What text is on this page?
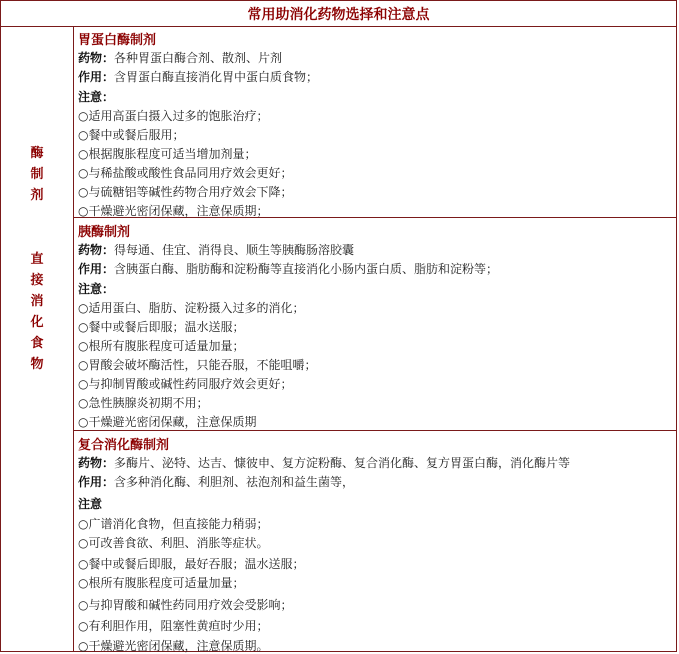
常用助消化药物选择和注意点
酶
制
剂
直
接
消
化
食
物
胃蛋白酶制剂
药物：各种胃蛋白酶合剂、散剂、片剂
作用：含胃蛋白酶直接消化胃中蛋白质食物；
注意：
○适用高蛋白摄入过多的饱胀治疗；
○餐中或餐后服用；
○根据腹胀程度可适当增加剂量；
○与稀盐酸或酸性食品同用疗效会更好；
○与硫糖铝等碱性药物合用疗效会下降；
○干燥避光密闭保藏，注意保质期；
胰酶制剂
药物：得每通、佳宜、消得良、顺生等胰酶肠溶胶囊
作用：含胰蛋白酶、脂肪酶和淀粉酶等直接消化小肠内蛋白质、脂肪和淀粉等；
注意：
○适用蛋白、脂肪、淀粉摄入过多的消化；
○餐中或餐后即服；温水送服；
○根所有腹胀程度可适量加量；
○胃酸会破坏酶活性，只能吞服，不能咀嚼；
○与抑制胃酸或碱性药同服疗效会更好；
○急性胰腺炎初期不用；
○干燥避光密闭保藏，注意保质期
复合消化酶制剂
药物：多酶片、泌特、达吉、慷彼申、复方淀粉酶、复合消化酶、复方胃蛋白酶，消化酶片等
作用：含多种消化酶、利胆剂、祛泡剂和益生菌等，
注意
○广谱消化食物，但直接能力稍弱；
○可改善食欲、利胆、消胀等症状。
○餐中或餐后即服，最好吞服；温水送服；
○根所有腹胀程度可适量加量；
○与抑胃酸和碱性药同用疗效会受影响；
○有利胆作用，阻塞性黄疸时少用；
○干燥避光密闭保藏，注意保质期。
